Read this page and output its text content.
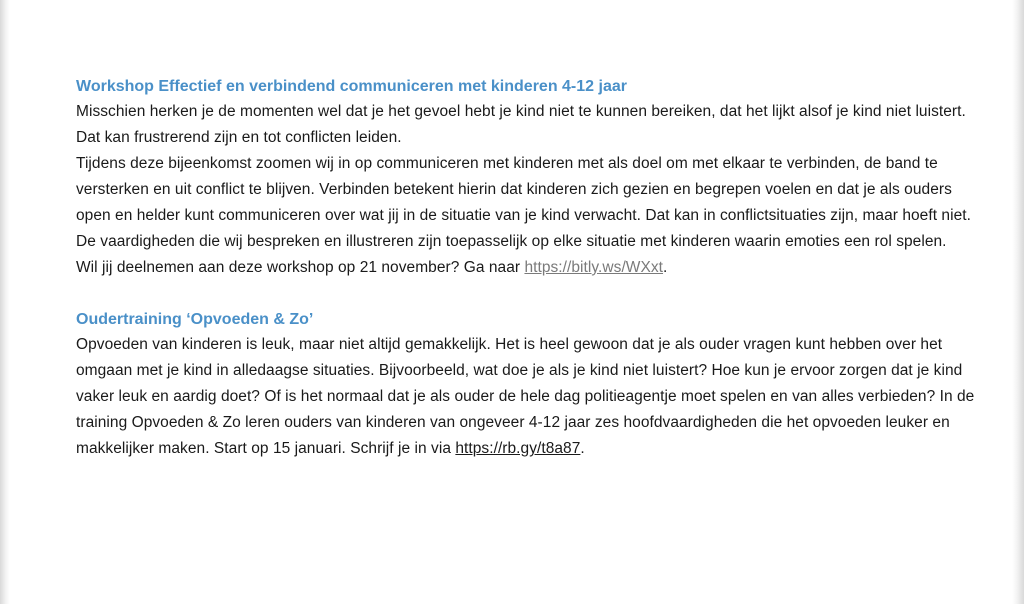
Workshop Effectief en verbindend communiceren met kinderen 4-12 jaar

Misschien herken je de momenten wel dat je het gevoel hebt je kind niet te kunnen bereiken, dat het lijkt alsof je kind niet luistert. Dat kan frustrerend zijn en tot conflicten leiden.

Tijdens deze bijeenkomst zoomen wij in op communiceren met kinderen met als doel om met elkaar te verbinden, de band te versterken en uit conflict te blijven. Verbinden betekent hierin dat kinderen zich gezien en begrepen voelen en dat je als ouders open en helder kunt communiceren over wat jij in de situatie van je kind verwacht. Dat kan in conflictsituaties zijn, maar hoeft niet. De vaardigheden die wij bespreken en illustreren zijn toepasselijk op elke situatie met kinderen waarin emoties een rol spelen.

Wil jij deelnemen aan deze workshop op 21 november? Ga naar https://bitly.ws/WXxt.

Oudertraining ‘Opvoeden & Zo’

Opvoeden van kinderen is leuk, maar niet altijd gemakkelijk. Het is heel gewoon dat je als ouder vragen kunt hebben over het omgaan met je kind in alledaagse situaties. Bijvoorbeeld, wat doe je als je kind niet luistert? Hoe kun je ervoor zorgen dat je kind vaker leuk en aardig doet? Of is het normaal dat je als ouder de hele dag politieagentje moet spelen en van alles verbieden? In de training Opvoeden & Zo leren ouders van kinderen van ongeveer 4-12 jaar zes hoofdvaardigheden die het opvoeden leuker en makkelijker maken. Start op 15 januari. Schrijf je in via https://rb.gy/t8a87.
